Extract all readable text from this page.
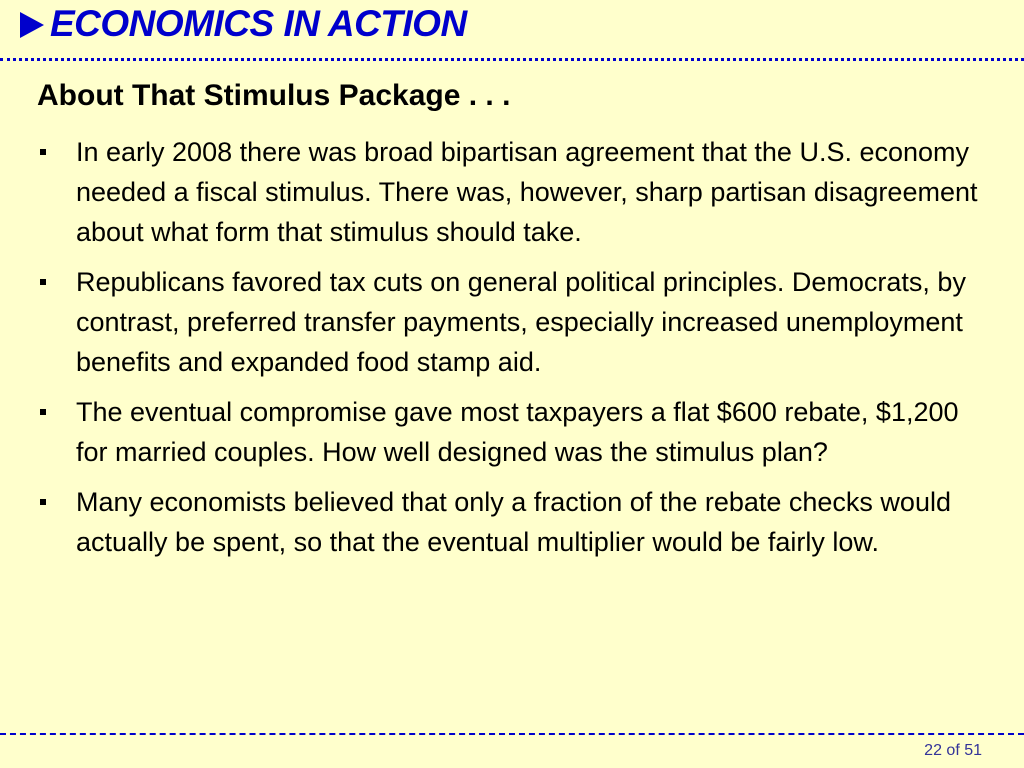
ECONOMICS IN ACTION
About That Stimulus Package . . .
In early 2008 there was broad bipartisan agreement that the U.S. economy needed a fiscal stimulus. There was, however, sharp partisan disagreement about what form that stimulus should take.
Republicans favored tax cuts on general political principles. Democrats, by contrast, preferred transfer payments, especially increased unemployment benefits and expanded food stamp aid.
The eventual compromise gave most taxpayers a flat $600 rebate, $1,200 for married couples. How well designed was the stimulus plan?
Many economists believed that only a fraction of the rebate checks would actually be spent, so that the eventual multiplier would be fairly low.
22 of 51
